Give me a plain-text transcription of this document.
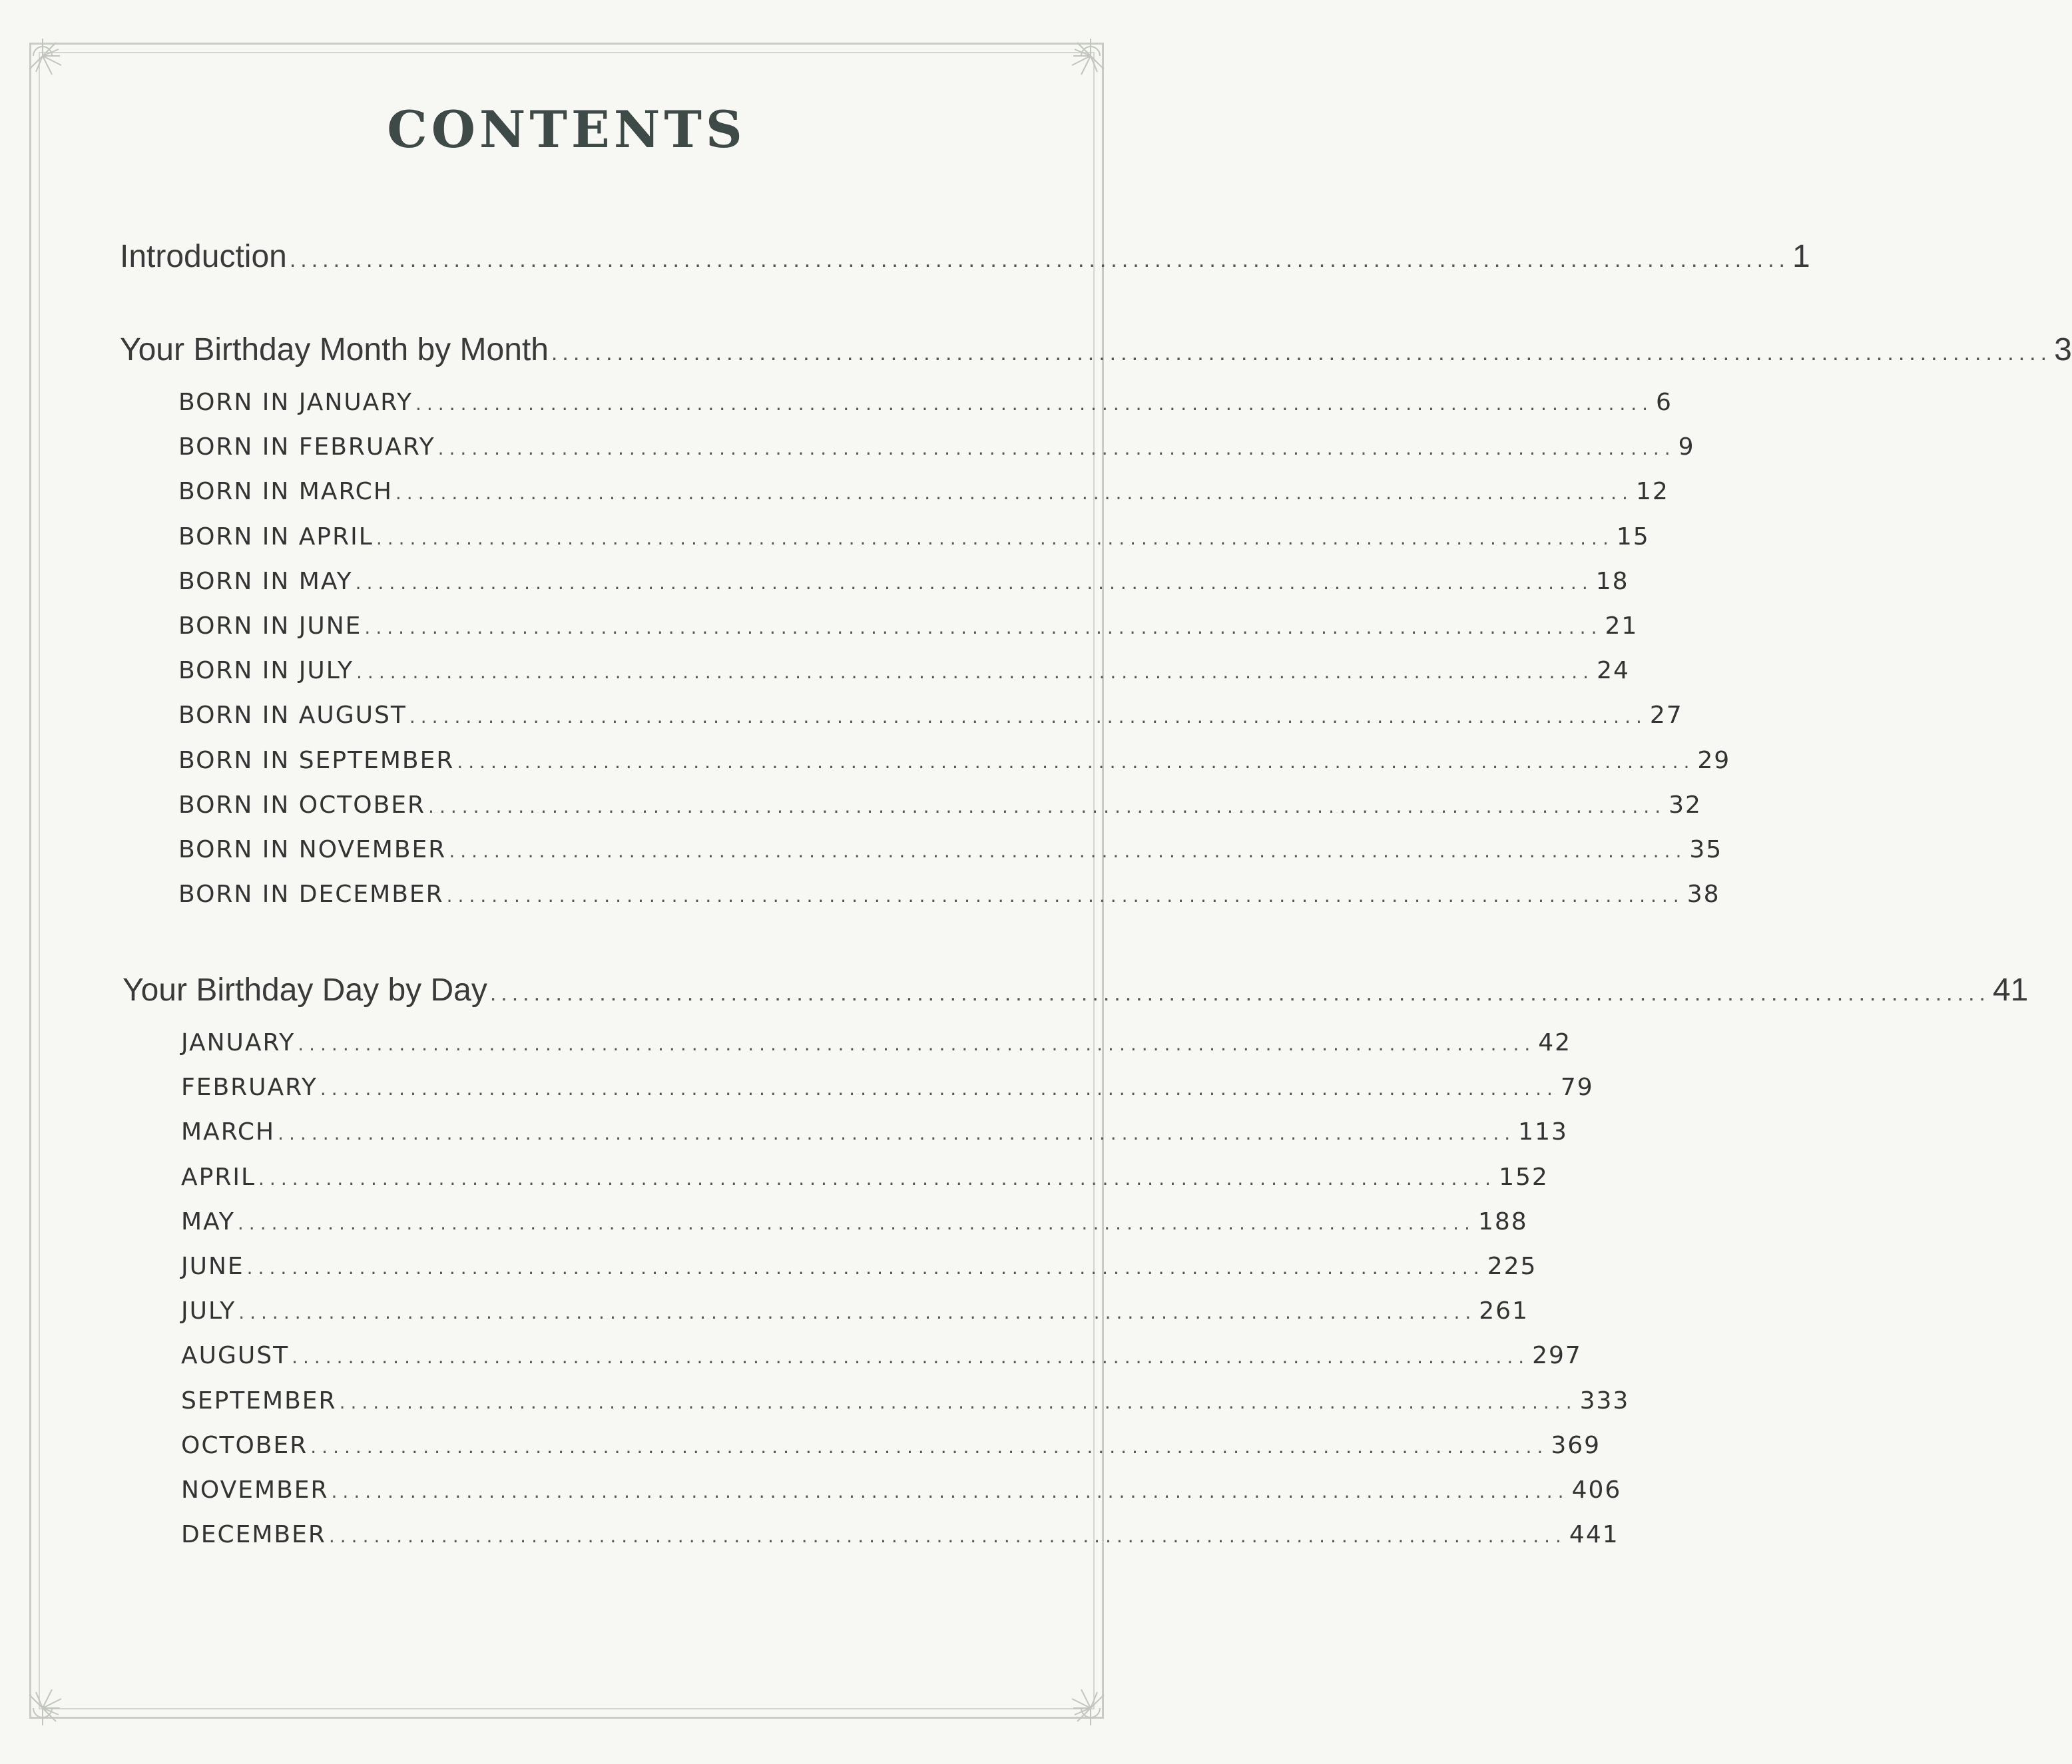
CONTENTS
Introduction ......................................................................................................................................... 1
Your Birthday Month by Month ......................................................................................................................................... 3
BORN IN JANUARY .............................................................................................................. 6
BORN IN FEBRUARY .............................................................................................................. 9
BORN IN MARCH .............................................................................................................. 12
BORN IN APRIL .............................................................................................................. 15
BORN IN MAY .............................................................................................................. 18
BORN IN JUNE .............................................................................................................. 21
BORN IN JULY .............................................................................................................. 24
BORN IN AUGUST .............................................................................................................. 27
BORN IN SEPTEMBER .............................................................................................................. 29
BORN IN OCTOBER .............................................................................................................. 32
BORN IN NOVEMBER .............................................................................................................. 35
BORN IN DECEMBER .............................................................................................................. 38
Your Birthday Day by Day ......................................................................................................................................... 41
JANUARY .............................................................................................................. 42
FEBRUARY .............................................................................................................. 79
MARCH .............................................................................................................. 113
APRIL .............................................................................................................. 152
MAY .............................................................................................................. 188
JUNE .............................................................................................................. 225
JULY .............................................................................................................. 261
AUGUST .............................................................................................................. 297
SEPTEMBER .............................................................................................................. 333
OCTOBER .............................................................................................................. 369
NOVEMBER .............................................................................................................. 406
DECEMBER .............................................................................................................. 441
